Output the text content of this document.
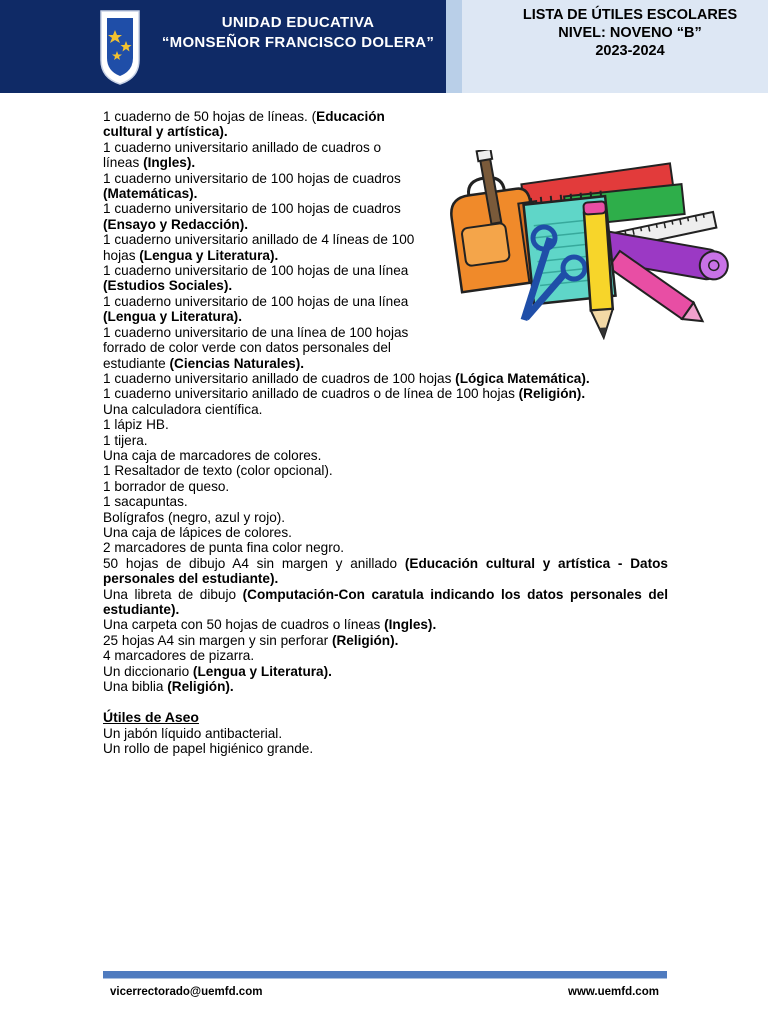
UNIDAD EDUCATIVA
“MONSEÑOR FRANCISCO DOLERA”
LISTA DE ÚTILES ESCOLARES
NIVEL: NOVENO “B”
2023-2024
1 cuaderno de 50 hojas de líneas. (Educación cultural y artística).
1 cuaderno universitario anillado de cuadros o líneas (Ingles).
1 cuaderno universitario de 100 hojas de cuadros (Matemáticas).
1 cuaderno universitario de 100 hojas de cuadros (Ensayo y Redacción).
1 cuaderno universitario anillado de 4 líneas de 100 hojas (Lengua y Literatura).
1 cuaderno universitario de 100 hojas de una línea (Estudios Sociales).
1 cuaderno universitario de 100 hojas de una línea (Lengua y Literatura).
1 cuaderno universitario de una línea de 100 hojas forrado de color verde con datos personales del estudiante (Ciencias Naturales).
1 cuaderno universitario anillado de cuadros de 100 hojas (Lógica Matemática).
1 cuaderno universitario anillado de cuadros o de línea de 100 hojas (Religión).
Una calculadora científica.
1 lápiz HB.
1 tijera.
Una caja de marcadores de colores.
1 Resaltador de texto (color opcional).
1 borrador de queso.
1 sacapuntas.
Bolígrafos (negro, azul y rojo).
Una caja de lápices de colores.
2 marcadores de punta fina color negro.
50 hojas de dibujo A4 sin margen y anillado (Educación cultural y artística - Datos personales del estudiante).
Una libreta de dibujo (Computación-Con caratula indicando los datos personales del estudiante).
Una carpeta con 50 hojas de cuadros o líneas (Ingles).
25 hojas A4 sin margen y sin perforar (Religión).
4 marcadores de pizarra.
Un diccionario (Lengua y Literatura).
Una biblia (Religión).
Útiles de Aseo
Un jabón líquido antibacterial.
Un rollo de papel higiénico grande.
vicerrectorado@uemfd.com	www.uemfd.com
